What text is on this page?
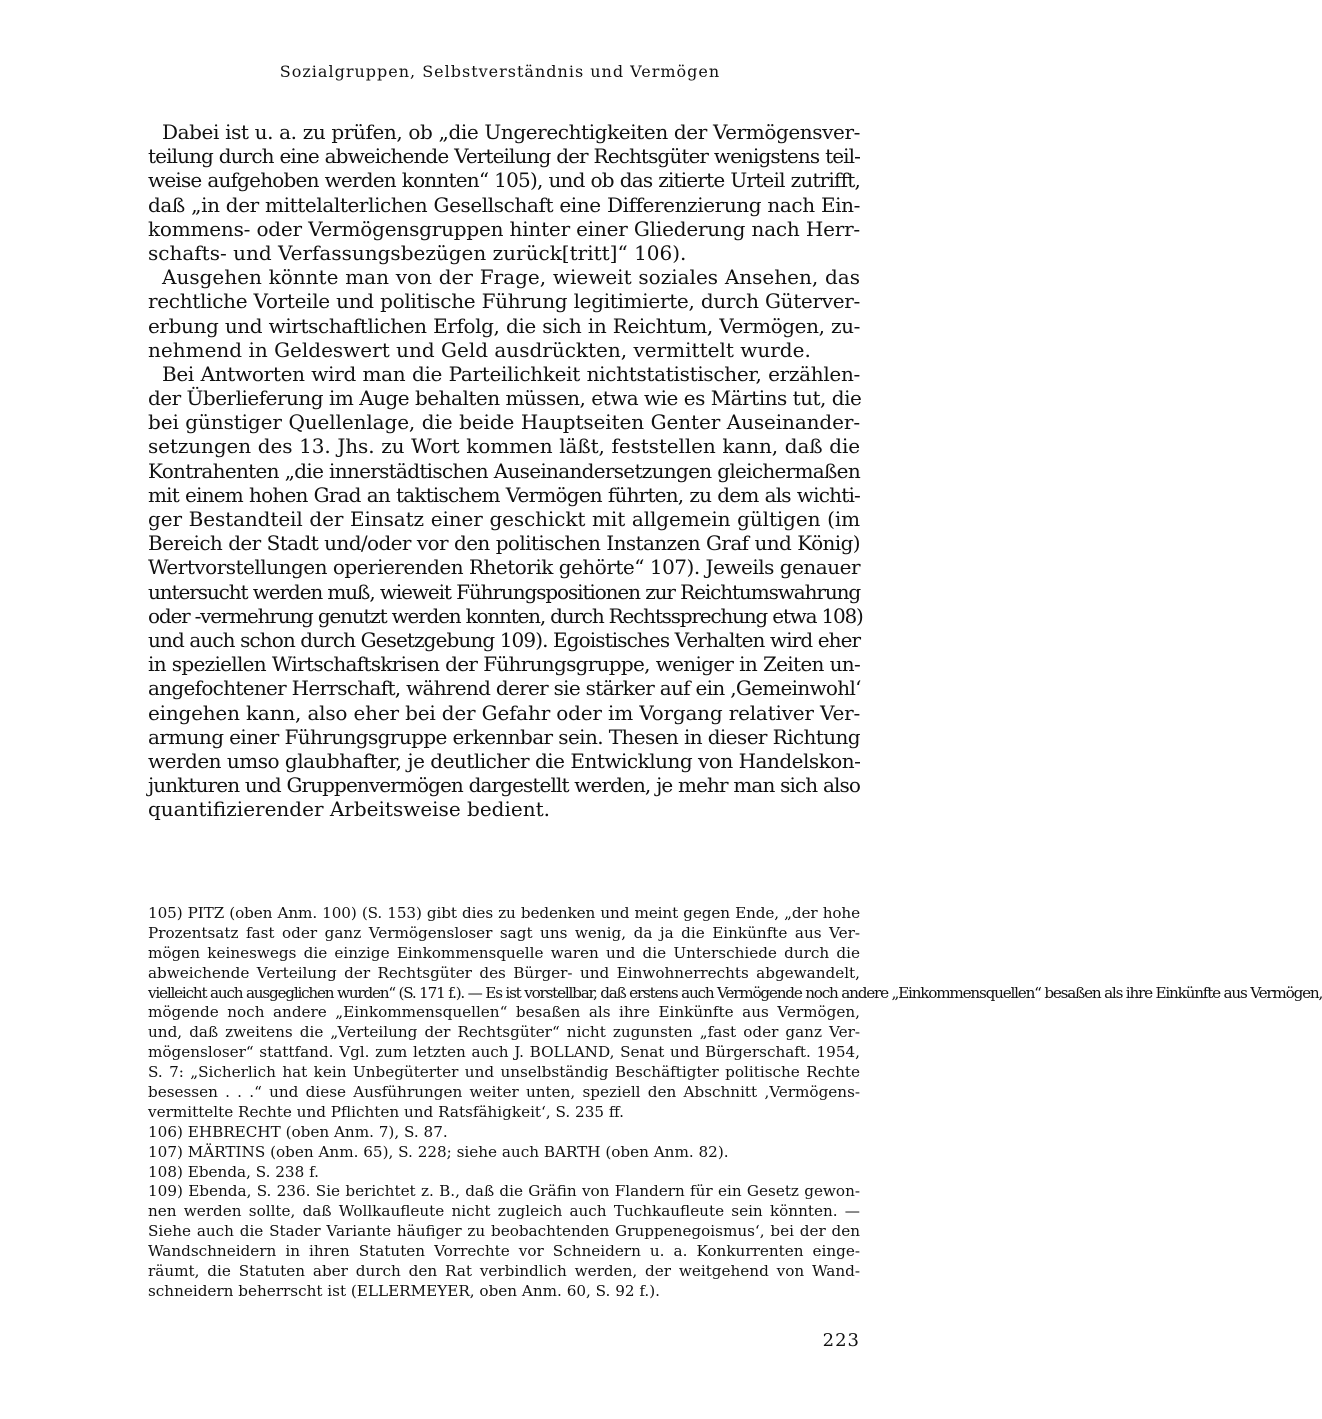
Sozialgruppen, Selbstverständnis und Vermögen
Dabei ist u. a. zu prüfen, ob „die Ungerechtigkeiten der Vermögensver-
teilung durch eine abweichende Verteilung der Rechtsgüter wenigstens teil-
weise aufgehoben werden konnten“ 105), und ob das zitierte Urteil zutrifft,
daß „in der mittelalterlichen Gesellschaft eine Differenzierung nach Ein-
kommens- oder Vermögensgruppen hinter einer Gliederung nach Herr-
schafts- und Verfassungsbezügen zurück[tritt]“ 106).
Ausgehen könnte man von der Frage, wieweit soziales Ansehen, das
rechtliche Vorteile und politische Führung legitimierte, durch Güterver-
erbung und wirtschaftlichen Erfolg, die sich in Reichtum, Vermögen, zu-
nehmend in Geldeswert und Geld ausdrückten, vermittelt wurde.
Bei Antworten wird man die Parteilichkeit nichtstatistischer, erzählen-
der Überlieferung im Auge behalten müssen, etwa wie es Märtins tut, die
bei günstiger Quellenlage, die beide Hauptseiten Genter Auseinander-
setzungen des 13. Jhs. zu Wort kommen läßt, feststellen kann, daß die
Kontrahenten „die innerstädtischen Auseinandersetzungen gleichermaßen
mit einem hohen Grad an taktischem Vermögen führten, zu dem als wichti-
ger Bestandteil der Einsatz einer geschickt mit allgemein gültigen (im
Bereich der Stadt und/oder vor den politischen Instanzen Graf und König)
Wertvorstellungen operierenden Rhetorik gehörte“ 107). Jeweils genauer
untersucht werden muß, wieweit Führungspositionen zur Reichtumswahrung
oder -vermehrung genutzt werden konnten, durch Rechtssprechung etwa 108)
und auch schon durch Gesetzgebung 109). Egoistisches Verhalten wird eher
in speziellen Wirtschaftskrisen der Führungsgruppe, weniger in Zeiten un-
angefochtener Herrschaft, während derer sie stärker auf ein ‚Gemeinwohl‘
eingehen kann, also eher bei der Gefahr oder im Vorgang relativer Ver-
armung einer Führungsgruppe erkennbar sein. Thesen in dieser Richtung
werden umso glaubhafter, je deutlicher die Entwicklung von Handelskon-
junkturen und Gruppenvermögen dargestellt werden, je mehr man sich also
quantifizierender Arbeitsweise bedient.
105) PITZ (oben Anm. 100) (S. 153) gibt dies zu bedenken und meint gegen Ende, „der hohe
Prozentsatz fast oder ganz Vermögensloser sagt uns wenig, da ja die Einkünfte aus Ver-
mögen keineswegs die einzige Einkommensquelle waren und die Unterschiede durch die
abweichende Verteilung der Rechtsgüter des Bürger- und Einwohnerrechts abgewandelt,
vielleicht auch ausgeglichen wurden“ (S. 171 f.). — Es ist vorstellbar, daß erstens auch Vermögende noch andere „Einkommensquellen“ besaßen als ihre Einkünfte aus Vermögen,
mögende noch andere „Einkommensquellen“ besaßen als ihre Einkünfte aus Vermögen,
und, daß zweitens die „Verteilung der Rechtsgüter“ nicht zugunsten „fast oder ganz Ver-
mögensloser“ stattfand. Vgl. zum letzten auch J. BOLLAND, Senat und Bürgerschaft. 1954,
S. 7: „Sicherlich hat kein Unbegüterter und unselbständig Beschäftigter politische Rechte
besessen . . .“ und diese Ausführungen weiter unten, speziell den Abschnitt ‚Vermögens-
vermittelte Rechte und Pflichten und Ratsfähigkeit‘, S. 235 ff.
106) EHBRECHT (oben Anm. 7), S. 87.
107) MÄRTINS (oben Anm. 65), S. 228; siehe auch BARTH (oben Anm. 82).
108) Ebenda, S. 238 f.
109) Ebenda, S. 236. Sie berichtet z. B., daß die Gräfin von Flandern für ein Gesetz gewon-
nen werden sollte, daß Wollkaufleute nicht zugleich auch Tuchkaufleute sein könnten. —
Siehe auch die Stader Variante häufiger zu beobachtenden Gruppenegoismus‘, bei der den
Wandschneidern in ihren Statuten Vorrechte vor Schneidern u. a. Konkurrenten einge-
räumt, die Statuten aber durch den Rat verbindlich werden, der weitgehend von Wand-
schneidern beherrscht ist (ELLERMEYER, oben Anm. 60, S. 92 f.).
223
